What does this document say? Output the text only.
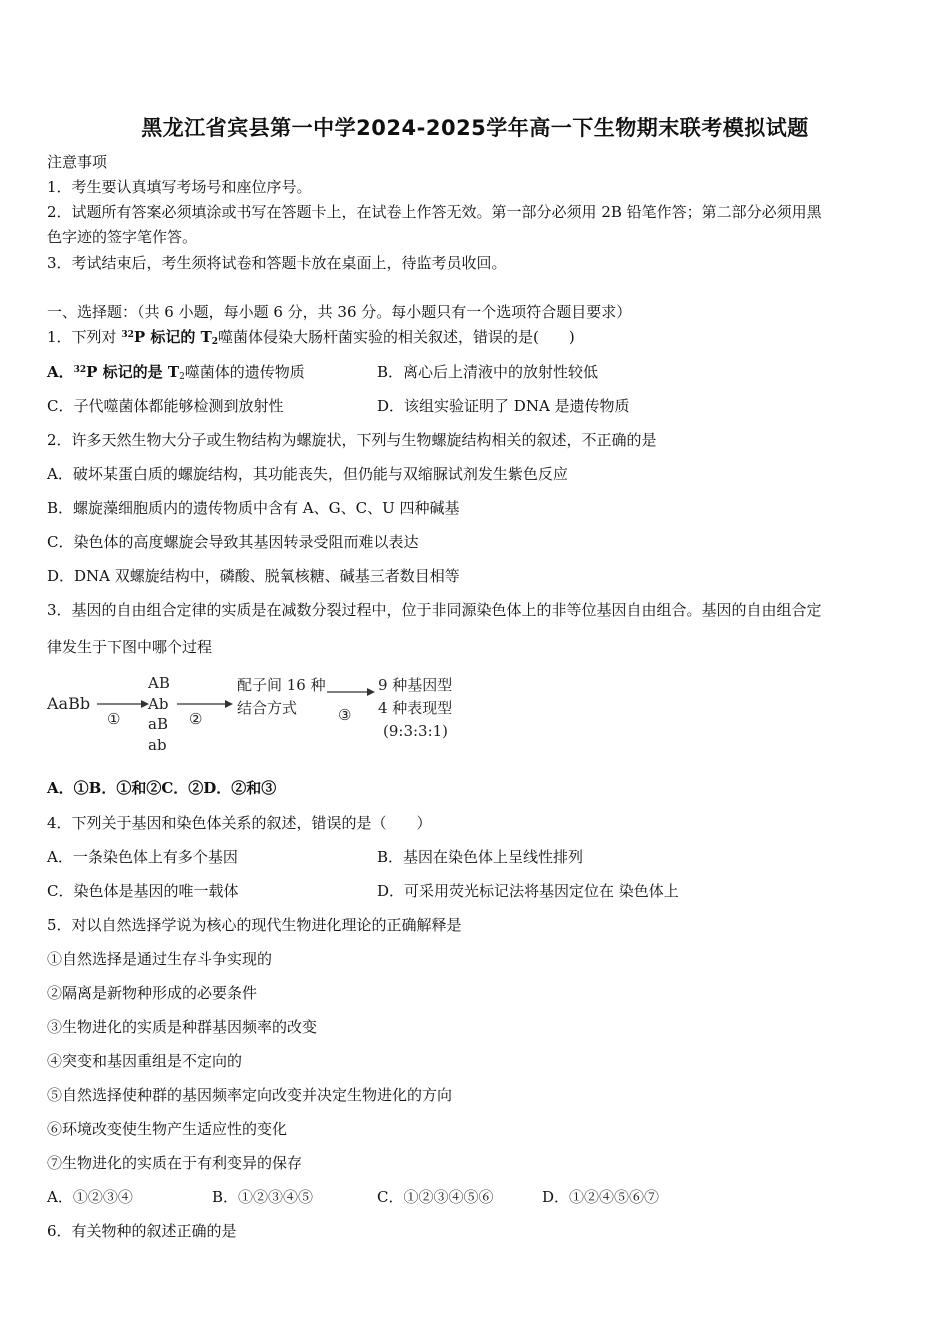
黑龙江省宾县第一中学2024-2025学年高一下生物期末联考模拟试题
注意事项
1．考生要认真填写考场号和座位序号。
2．试题所有答案必须填涂或书写在答题卡上，在试卷上作答无效。第一部分必须用 2B 铅笔作答；第二部分必须用黑
色字迹的签字笔作答。
3．考试结束后，考生须将试卷和答题卡放在桌面上，待监考员收回。
一、选择题：（共 6 小题，每小题 6 分，共 36 分。每小题只有一个选项符合题目要求）
1．下列对 $^{32}$P 标记的 $T_2$噬菌体侵染大肠杆菌实验的相关叙述，错误的是(　　)
A．$^{32}$P 标记的是 $T_2$噬菌体的遗传物质	B．离心后上清液中的放射性较低
C．子代噬菌体都能够检测到放射性	D．该组实验证明了 DNA 是遗传物质
2．许多天然生物大分子或生物结构为螺旋状，下列与生物螺旋结构相关的叙述，不正确的是
A．破坏某蛋白质的螺旋结构，其功能丧失，但仍能与双缩脲试剂发生紫色反应
B．螺旋藻细胞质内的遗传物质中含有 A、G、C、U 四种碱基
C．染色体的高度螺旋会导致其基因转录受阻而难以表达
D．DNA 双螺旋结构中，磷酸、脱氧核糖、碱基三者数目相等
3．基因的自由组合定律的实质是在减数分裂过程中，位于非同源染色体上的非等位基因自由组合。基因的自由组合定
律发生于下图中哪个过程
AaBb
①
AB
Ab
aB
ab
②
配子间 16 种
结合方式	③
9 种基因型
4 种表现型
(9:3:3:1)
A．①B．①和②C．②D．②和③
4．下列关于基因和染色体关系的叙述，错误的是（　　）
A．一条染色体上有多个基因	B．基因在染色体上呈线性排列
C．染色体是基因的唯一载体	D．可采用荧光标记法将基因定位在 染色体上
5．对以自然选择学说为核心的现代生物进化理论的正确解释是
①自然选择是通过生存斗争实现的
②隔离是新物种形成的必要条件
③生物进化的实质是种群基因频率的改变
④突变和基因重组是不定向的
⑤自然选择使种群的基因频率定向改变并决定生物进化的方向
⑥环境改变使生物产生适应性的变化
⑦生物进化的实质在于有利变异的保存
A．①②③④	B．①②③④⑤	C．①②③④⑤⑥	D．①②④⑤⑥⑦
6．有关物种的叙述正确的是
